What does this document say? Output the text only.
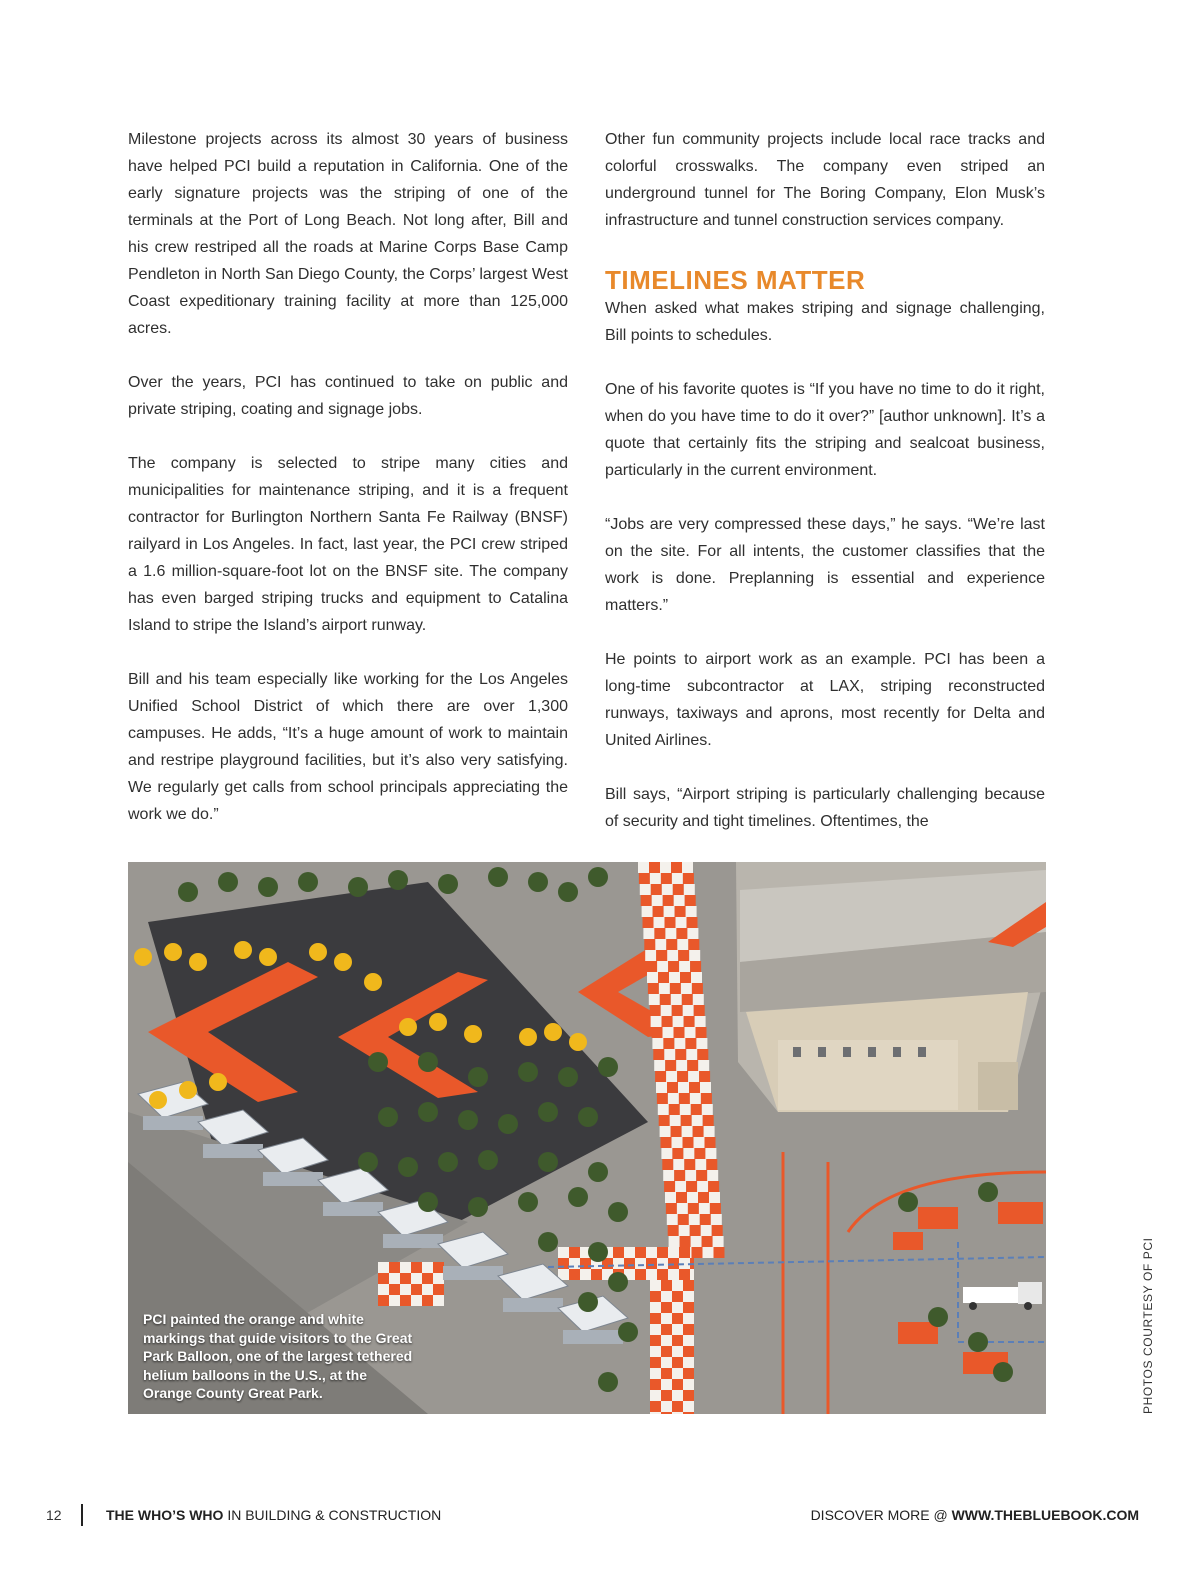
Milestone projects across its almost 30 years of business have helped PCI build a reputation in California. One of the early signature projects was the striping of one of the terminals at the Port of Long Beach. Not long after, Bill and his crew restriped all the roads at Marine Corps Base Camp Pendleton in North San Diego County, the Corps’ largest West Coast expeditionary training facility at more than 125,000 acres.

Over the years, PCI has continued to take on public and private striping, coating and signage jobs.

The company is selected to stripe many cities and municipalities for maintenance striping, and it is a frequent contractor for Burlington Northern Santa Fe Railway (BNSF) railyard in Los Angeles. In fact, last year, the PCI crew striped a 1.6 million-square-foot lot on the BNSF site. The company has even barged striping trucks and equipment to Catalina Island to stripe the Island’s airport runway.

Bill and his team especially like working for the Los Angeles Unified School District of which there are over 1,300 campuses. He adds, “It’s a huge amount of work to maintain and restripe playground facilities, but it’s also very satisfying. We regularly get calls from school principals appreciating the work we do.”

Other fun community projects include local race tracks and colorful crosswalks. The company even striped an underground tunnel for The Boring Company, Elon Musk’s infrastructure and tunnel construction services company.

TIMELINES MATTER

When asked what makes striping and signage challenging, Bill points to schedules.

One of his favorite quotes is “If you have no time to do it right, when do you have time to do it over?” [author unknown]. It’s a quote that certainly fits the striping and sealcoat business, particularly in the current environment.

“Jobs are very compressed these days,” he says. “We’re last on the site. For all intents, the customer classifies that the work is done. Preplanning is essential and experience matters.”

He points to airport work as an example. PCI has been a long-time subcontractor at LAX, striping reconstructed runways, taxiways and aprons, most recently for Delta and United Airlines.

Bill says, “Airport striping is particularly challenging because of security and tight timelines. Oftentimes, the

PCI painted the orange and white markings that guide visitors to the Great Park Balloon, one of the largest tethered helium balloons in the U.S., at the Orange County Great Park.	PHOTOS COURTESY OF PCI
12	THE WHO’S WHO IN BUILDING & CONSTRUCTION	DISCOVER MORE @ WWW.THEBLUEBOOK.COM
